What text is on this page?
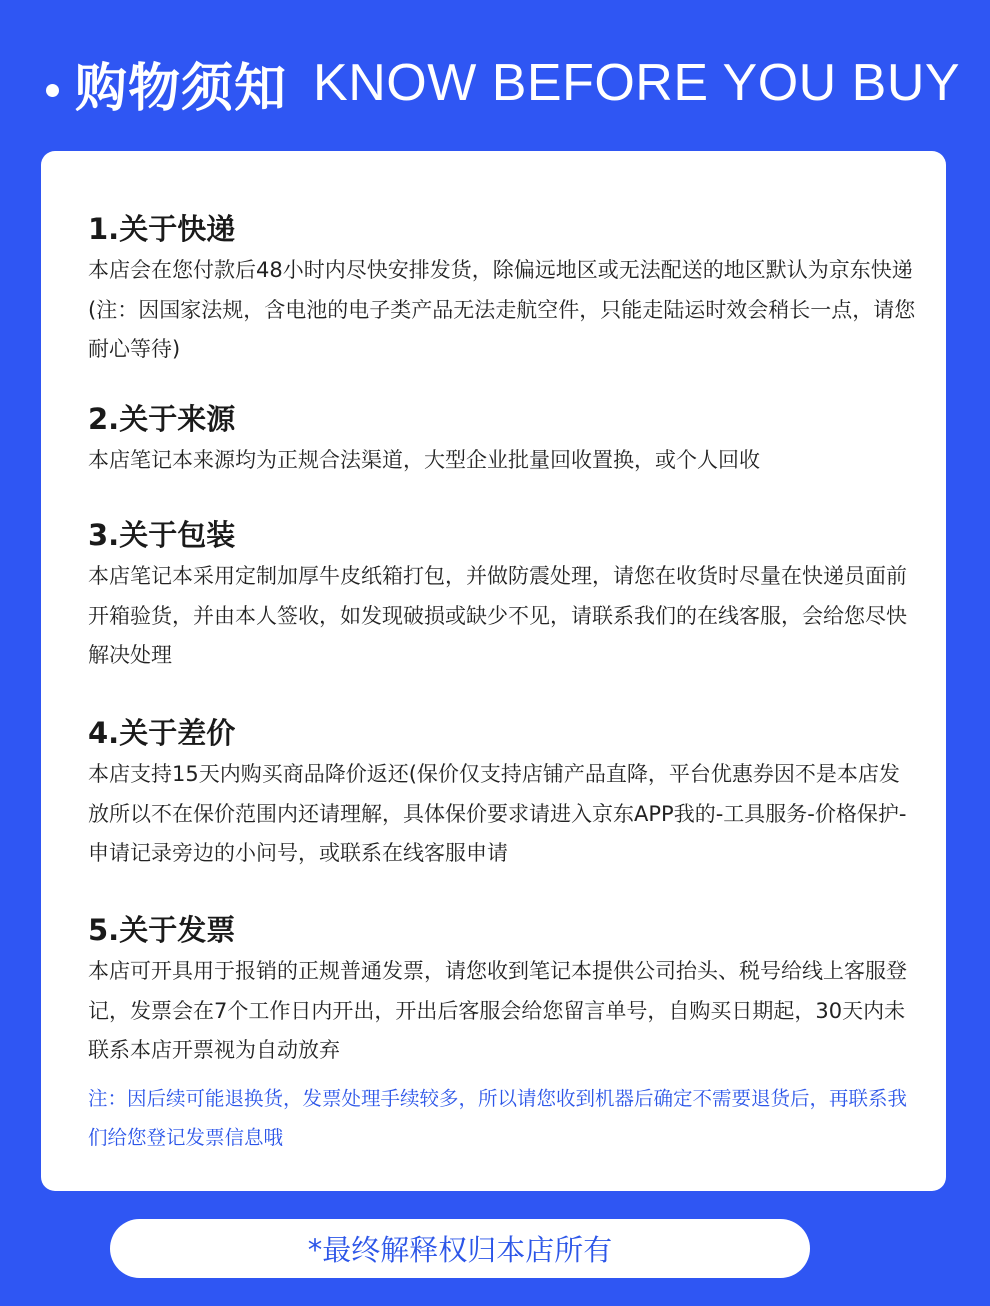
购物须知 KNOW BEFORE YOU BUY

1.关于快递

本店会在您付款后48小时内尽快安排发货，除偏远地区或无法配送的地区默认为京东快递(注：因国家法规，含电池的电子类产品无法走航空件，只能走陆运时效会稍长一点，请您耐心等待)

2.关于来源

本店笔记本来源均为正规合法渠道，大型企业批量回收置换，或个人回收

3.关于包装

本店笔记本采用定制加厚牛皮纸箱打包，并做防震处理，请您在收货时尽量在快递员面前开箱验货，并由本人签收，如发现破损或缺少不见，请联系我们的在线客服，会给您尽快解决处理

4.关于差价

本店支持15天内购买商品降价返还(保价仅支持店铺产品直降，平台优惠券因不是本店发放所以不在保价范围内还请理解，具体保价要求请进入京东APP我的-工具服务-价格保护-申请记录旁边的小问号，或联系在线客服申请

5.关于发票

本店可开具用于报销的正规普通发票，请您收到笔记本提供公司抬头、税号给线上客服登记，发票会在7个工作日内开出，开出后客服会给您留言单号，自购买日期起，30天内未联系本店开票视为自动放弃

注：因后续可能退换货，发票处理手续较多，所以请您收到机器后确定不需要退货后，再联系我们给您登记发票信息哦

*最终解释权归本店所有
